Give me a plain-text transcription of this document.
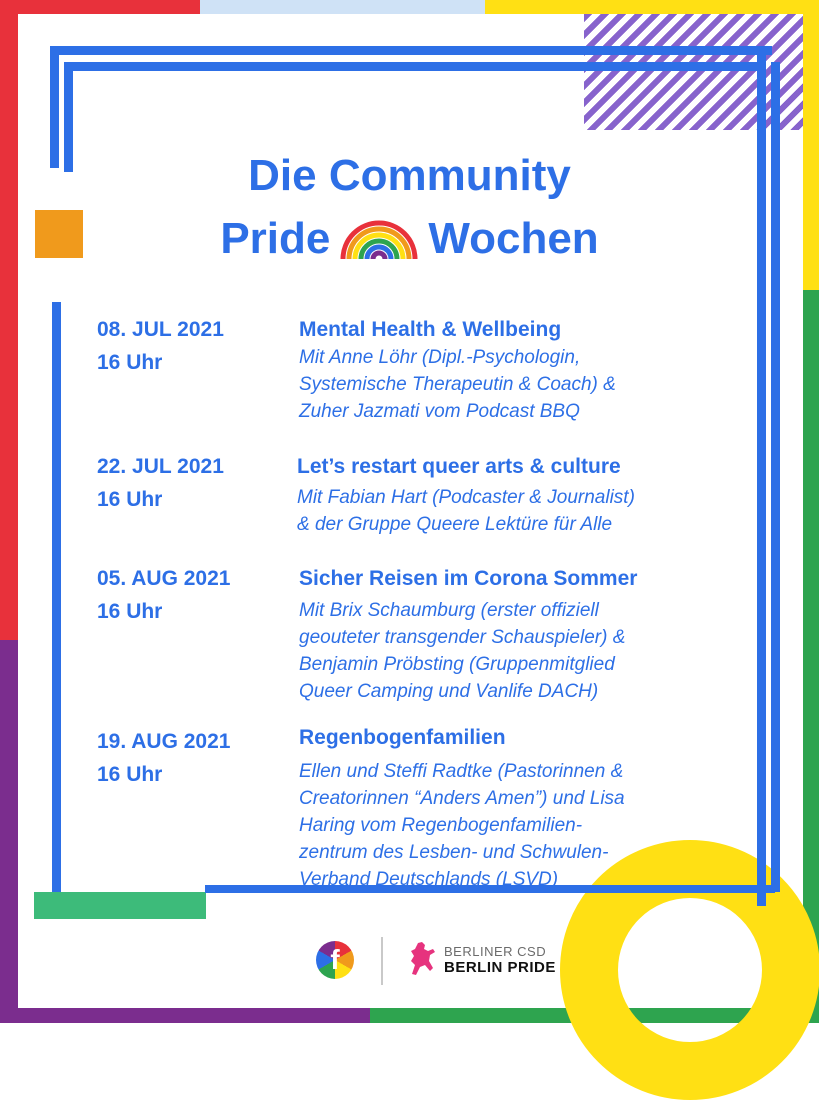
Die Community
Pride Wochen
08. JUL 2021
16 Uhr
Mental Health & Wellbeing
Mit Anne Löhr (Dipl.-Psychologin,
Systemische Therapeutin & Coach) &
Zuher Jazmati vom Podcast BBQ
22. JUL 2021
16 Uhr
Let’s restart queer arts & culture
Mit Fabian Hart (Podcaster & Journalist)
& der Gruppe Queere Lektüre für Alle
05. AUG 2021
16 Uhr
Sicher Reisen im Corona Sommer
Mit Brix Schaumburg (erster offiziell
geouteter transgender Schauspieler) &
Benjamin Pröbsting (Gruppenmitglied
Queer Camping und Vanlife DACH)
19. AUG 2021
16 Uhr
Regenbogenfamilien
Ellen und Steffi Radtke (Pastorinnen &
Creatorinnen “Anders Amen”) und Lisa
Haring vom Regenbogenfamilien-
zentrum des Lesben- und Schwulen-
Verband Deutschlands (LSVD)
f	BERLINER CSD
BERLIN PRIDE
